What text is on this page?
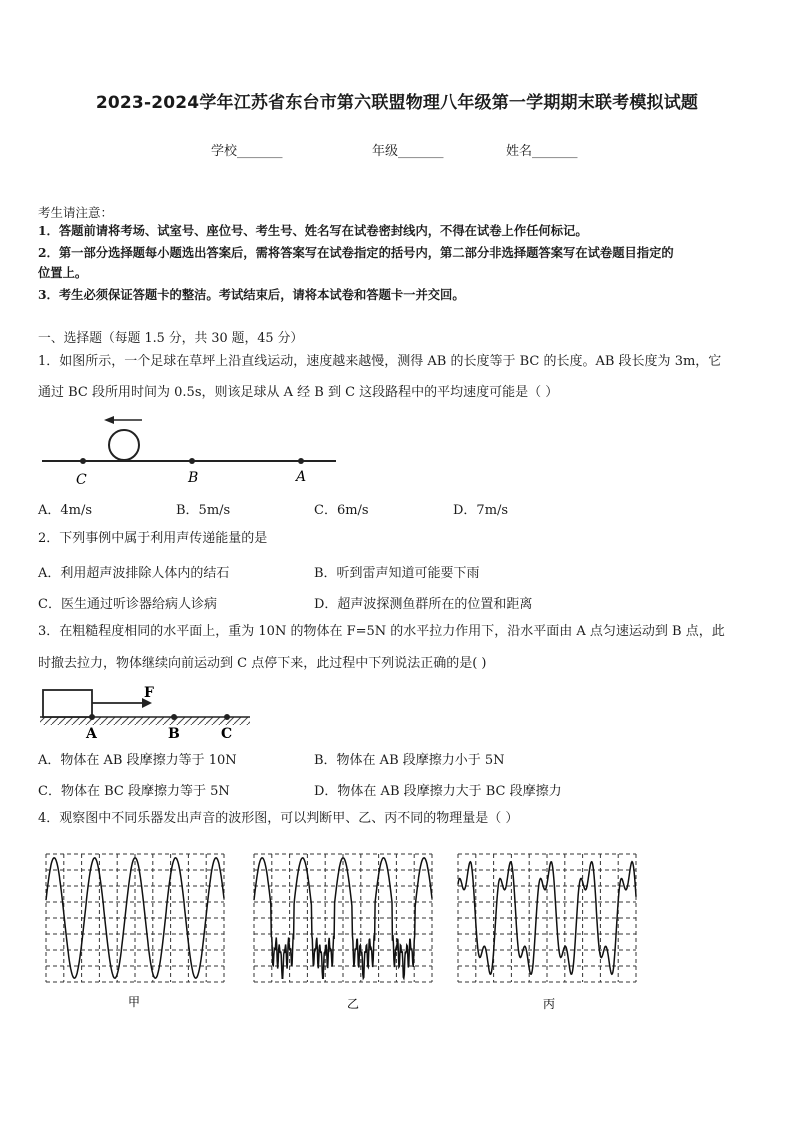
2023-2024学年江苏省东台市第六联盟物理八年级第一学期期末联考模拟试题
学校_______	年级_______	姓名_______
考生请注意：
1．答题前请将考场、试室号、座位号、考生号、姓名写在试卷密封线内，不得在试卷上作任何标记。
2．第一部分选择题每小题选出答案后，需将答案写在试卷指定的括号内，第二部分非选择题答案写在试卷题目指定的
位置上。
3．考生必须保证答题卡的整洁。考试结束后，请将本试卷和答题卡一并交回。
一、选择题（每题 1.5 分，共 30 题，45 分）
1．如图所示，一个足球在草坪上沿直线运动，速度越来越慢，测得 AB 的长度等于 BC 的长度。AB 段长度为 3m，它
通过 BC 段所用时间为 0.5s，则该足球从 A 经 B 到 C 这段路程中的平均速度可能是（ ）
C	B	A
A．4m/s	B．5m/s	C．6m/s	D．7m/s
2．下列事例中属于利用声传递能量的是
A．利用超声波排除人体内的结石	B．听到雷声知道可能要下雨
C．医生通过听诊器给病人诊病	D．超声波探测鱼群所在的位置和距离
3．在粗糙程度相同的水平面上，重为 10N 的物体在 F=5N 的水平拉力作用下，沿水平面由 A 点匀速运动到 B 点，此
时撤去拉力，物体继续向前运动到 C 点停下来，此过程中下列说法正确的是( )
F
A	B	C
A．物体在 AB 段摩擦力等于 10N	B．物体在 AB 段摩擦力小于 5N
C．物体在 BC 段摩擦力等于 5N	D．物体在 AB 段摩擦力大于 BC 段摩擦力
4．观察图中不同乐器发出声音的波形图，可以判断甲、乙、丙不同的物理量是（ ）
甲	乙	丙
